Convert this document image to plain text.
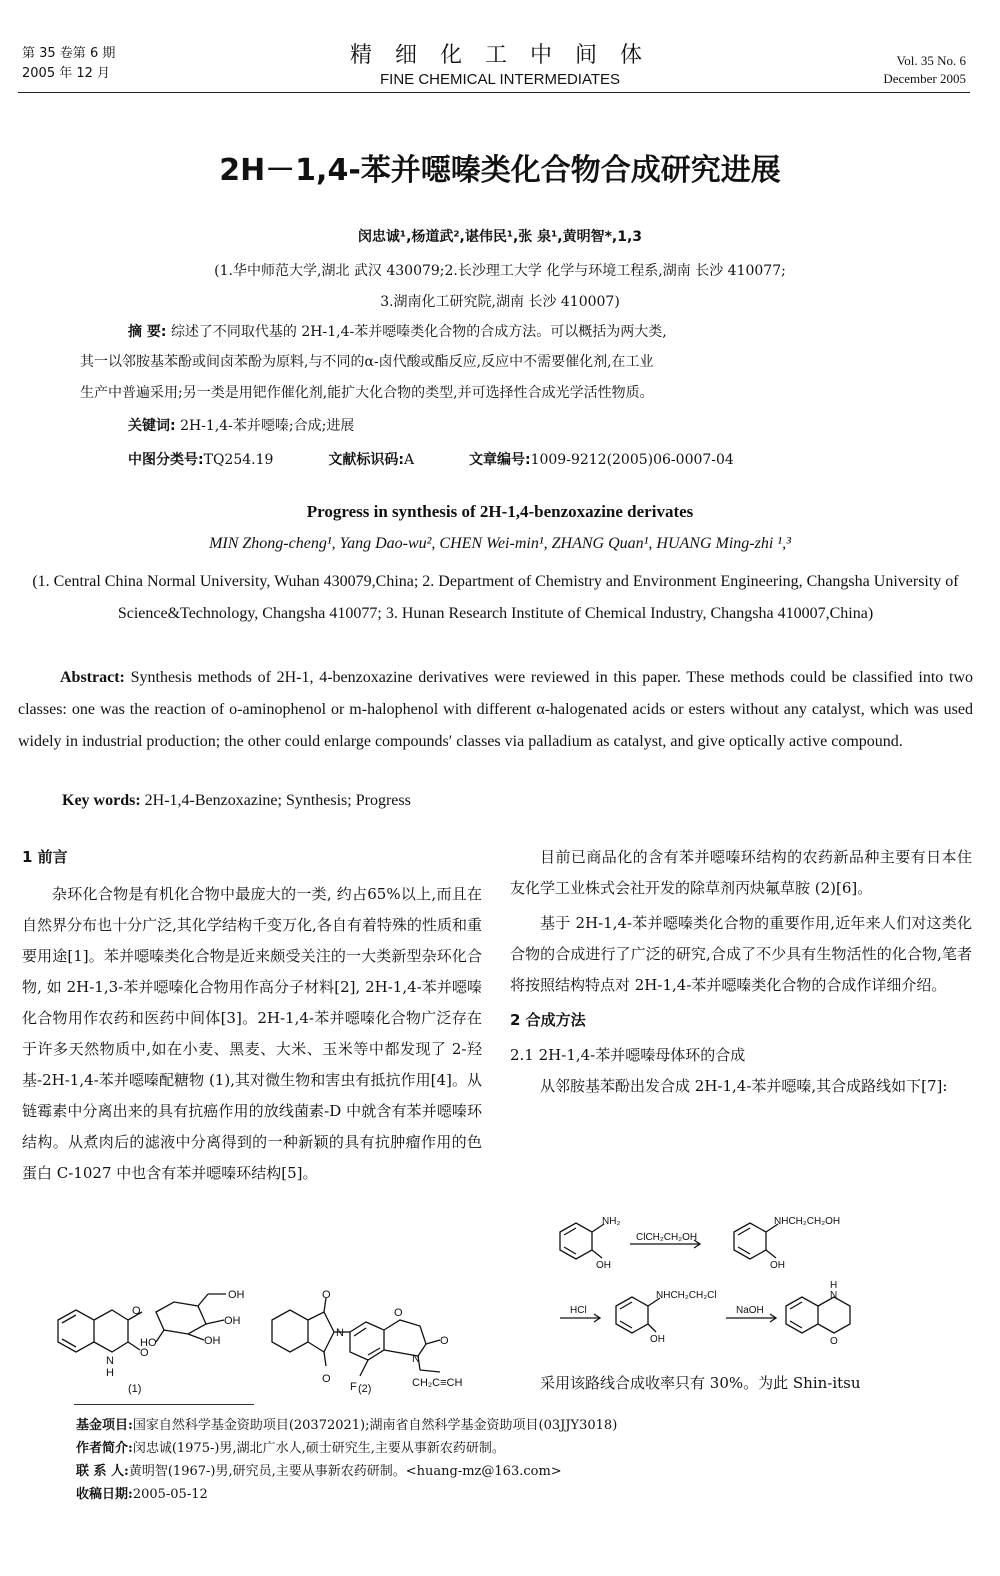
第 35 卷第 6 期
2005 年 12 月
精 细 化 工 中 间 体
FINE CHEMICAL INTERMEDIATES
Vol. 35 No. 6
December 2005
2H－1,4-苯并噁嗪类化合物合成研究进展
闵忠诚¹,杨道武²,谌伟民¹,张 泉¹,黄明智*,1,3
(1.华中师范大学,湖北 武汉 430079;2.长沙理工大学 化学与环境工程系,湖南 长沙 410077;
3.湖南化工研究院,湖南 长沙 410007)
摘 要: 综述了不同取代基的 2H-1,4-苯并噁嗪类化合物的合成方法。可以概括为两大类,
其一以邻胺基苯酚或间卤苯酚为原料,与不同的α-卤代酸或酯反应,反应中不需要催化剂,在工业
生产中普遍采用;另一类是用钯作催化剂,能扩大化合物的类型,并可选择性合成光学活性物质。
关键词: 2H-1,4-苯并噁嗪;合成;进展
中图分类号:TQ254.19	文献标识码:A	文章编号:1009-9212(2005)06-0007-04
Progress in synthesis of 2H-1,4-benzoxazine derivates
MIN Zhong-cheng¹, Yang Dao-wu², CHEN Wei-min¹, ZHANG Quan¹, HUANG Ming-zhi ¹,³
(1. Central China Normal University, Wuhan 430079,China; 2. Department of Chemistry and Environment Engineering, Changsha University of Science&Technology, Changsha 410077; 3. Hunan Research Institute of Chemical Industry, Changsha 410007,China)
Abstract: Synthesis methods of 2H-1, 4-benzoxazine derivatives were reviewed in this paper. These methods could be classified into two classes: one was the reaction of o-aminophenol or m-halophenol with different α-halogenated acids or esters without any catalyst, which was used widely in industrial production; the other could enlarge compounds′ classes via palladium as catalyst, and give optically active compound.
Key words: 2H-1,4-Benzoxazine; Synthesis; Progress
1 前言

杂环化合物是有机化合物中最庞大的一类, 约占65%以上,而且在自然界分布也十分广泛,其化学结构千变万化,各自有着特殊的性质和重要用途[1]。苯并噁嗪类化合物是近来颇受关注的一大类新型杂环化合物, 如 2H-1,3-苯并噁嗪化合物用作高分子材料[2], 2H-1,4-苯并噁嗪化合物用作农药和医药中间体[3]。2H-1,4-苯并噁嗪化合物广泛存在于许多天然物质中,如在小麦、黑麦、大米、玉米等中都发现了 2-羟基-2H-1,4-苯并噁嗪配糖物 (1),其对微生物和害虫有抵抗作用[4]。从链霉素中分离出来的具有抗癌作用的放线菌素-D 中就含有苯并噁嗪环结构。从煮肉后的滤液中分离得到的一种新颖的具有抗肿瘤作用的色蛋白 C-1027 中也含有苯并噁嗪环结构[5]。

O
N
H
O
OH
OH
OH
HO
(1)
O
O
N
O
O
N
CH₂C≡CH
F (2)

目前已商品化的含有苯并噁嗪环结构的农药新品种主要有日本住友化学工业株式会社开发的除草剂丙炔氟草胺 (2)[6]。

基于 2H-1,4-苯并噁嗪类化合物的重要作用,近年来人们对这类化合物的合成进行了广泛的研究,合成了不少具有生物活性的化合物,笔者将按照结构特点对 2H-1,4-苯并噁嗪类化合物的合成作详细介绍。

2 合成方法
2.1 2H-1,4-苯并噁嗪母体环的合成

从邻胺基苯酚出发合成 2H-1,4-苯并噁嗪,其合成路线如下[7]:

NH₂
OH
ClCH₂CH₂OH
NHCH₂CH₂OH
OH
HCl
NHCH₂CH₂Cl
OH
NaOH
H
N
O
采用该路线合成收率只有 30%。为此 Shin-itsu
基金项目:国家自然科学基金资助项目(20372021);湖南省自然科学基金资助项目(03JJY3018)
作者简介:闵忠诚(1975-)男,湖北广水人,硕士研究生,主要从事新农药研制。
联 系 人:黄明智(1967-)男,研究员,主要从事新农药研制。<huang-mz@163.com>
收稿日期:2005-05-12
